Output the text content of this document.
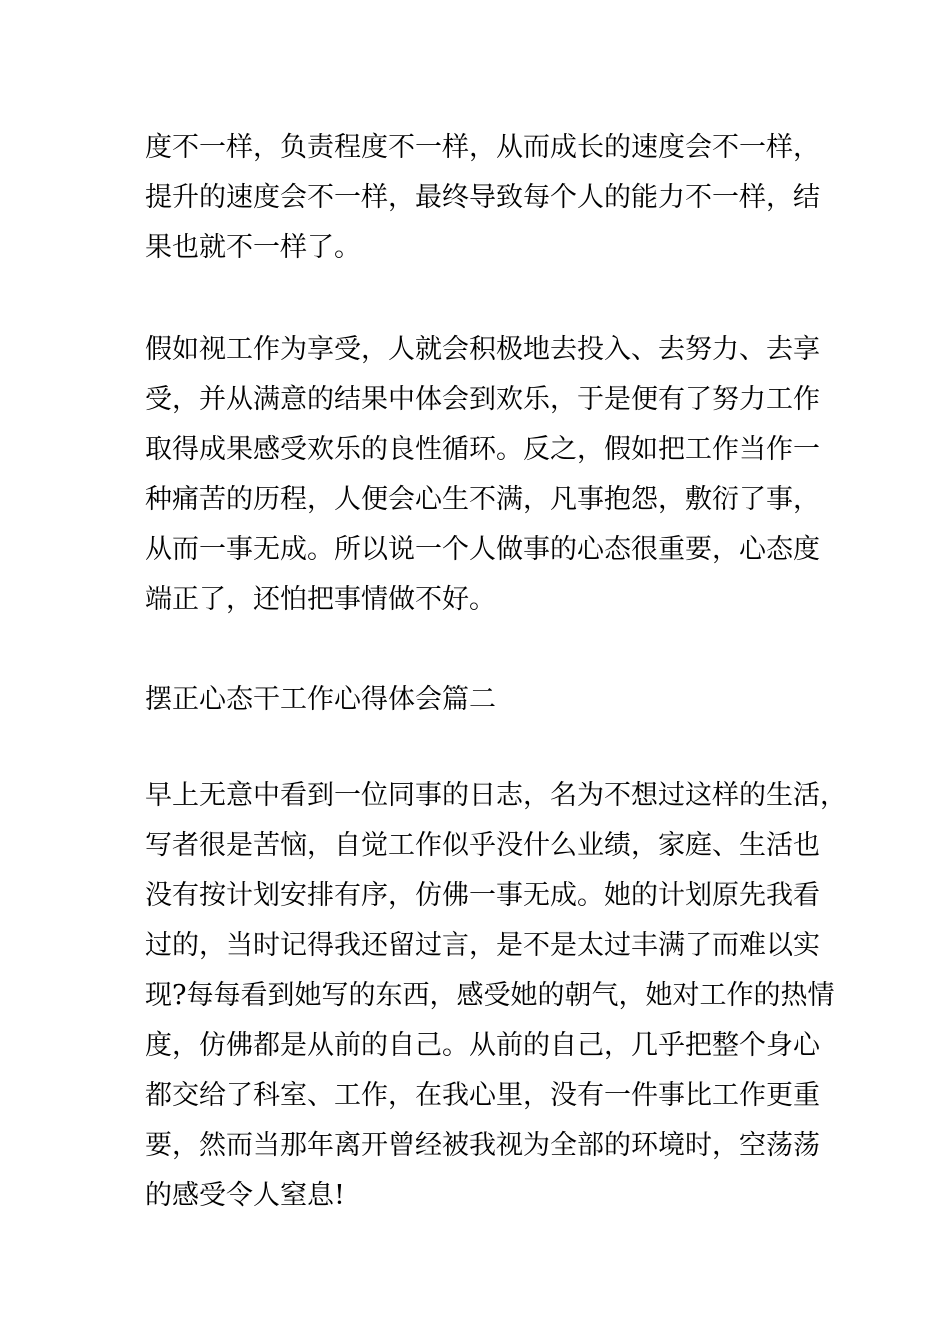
度不一样，负责程度不一样，从而成长的速度会不一样，
提升的速度会不一样，最终导致每个人的能力不一样，结
果也就不一样了。
假如视工作为享受，人就会积极地去投入、去努力、去享
受，并从满意的结果中体会到欢乐，于是便有了努力工作
取得成果感受欢乐的良性循环。反之，假如把工作当作一
种痛苦的历程，人便会心生不满，凡事抱怨，敷衍了事，
从而一事无成。所以说一个人做事的心态很重要，心态度
端正了，还怕把事情做不好。
摆正心态干工作心得体会篇二
早上无意中看到一位同事的日志，名为不想过这样的生活，
写者很是苦恼，自觉工作似乎没什么业绩，家庭、生活也
没有按计划安排有序，仿佛一事无成。她的计划原先我看
过的，当时记得我还留过言，是不是太过丰满了而难以实
现?每每看到她写的东西，感受她的朝气，她对工作的热情
度，仿佛都是从前的自己。从前的自己，几乎把整个身心
都交给了科室、工作，在我心里，没有一件事比工作更重
要，然而当那年离开曾经被我视为全部的环境时，空荡荡
的感受令人窒息!
